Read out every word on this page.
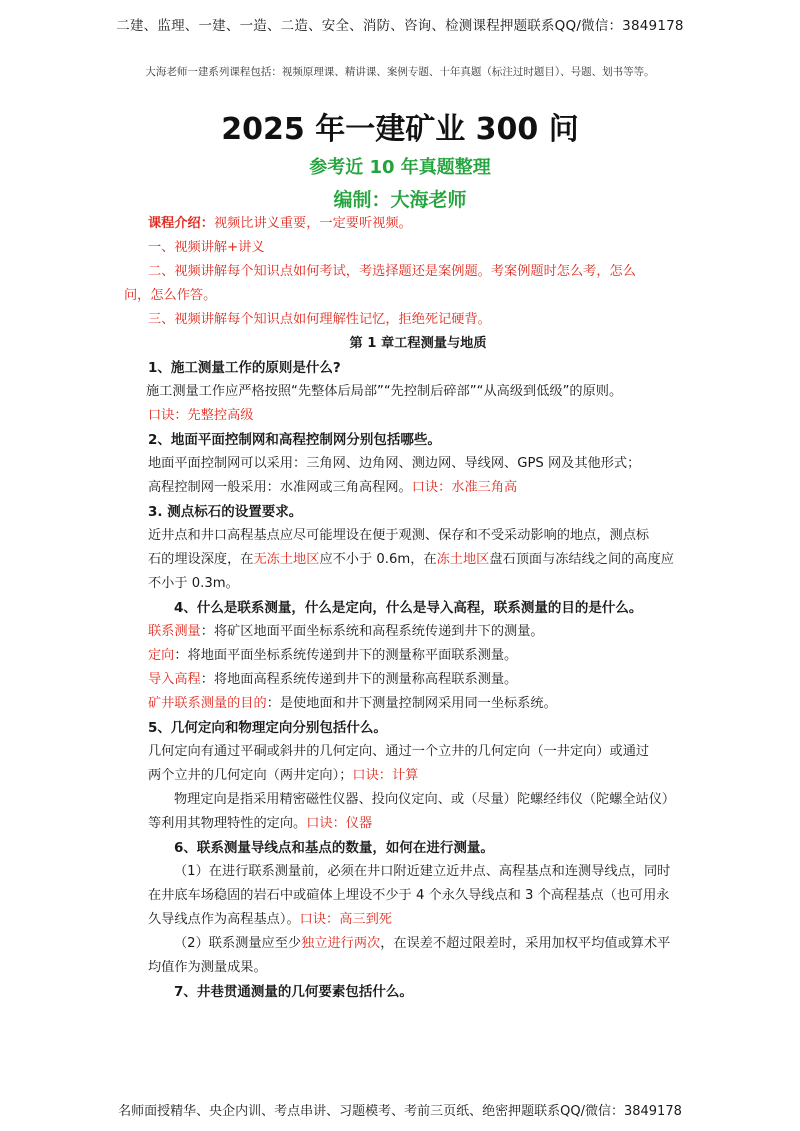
二建、监理、一建、一造、二造、安全、消防、咨询、检测课程押题联系QQ/微信：3849178
大海老师一建系列课程包括：视频原理课、精讲课、案例专题、十年真题（标注过时题目）、号题、划书等等。
2025 年一建矿业 300 问
参考近 10 年真题整理
编制：大海老师
课程介绍：视频比讲义重要，一定要听视频。
一、视频讲解+讲义
二、视频讲解每个知识点如何考试，考选择题还是案例题。考案例题时怎么考，怎么
问，怎么作答。
三、视频讲解每个知识点如何理解性记忆，拒绝死记硬背。
第 1 章工程测量与地质
1、施工测量工作的原则是什么?
施工测量工作应严格按照“先整体后局部”“先控制后碎部”“从高级到低级”的原则。
口诀：先整控高级
2、地面平面控制网和高程控制网分别包括哪些。
地面平面控制网可以采用：三角网、边角网、测边网、导线网、GPS 网及其他形式；
高程控制网一般采用：水准网或三角高程网。口诀：水准三角高
3. 测点标石的设置要求。
近井点和井口高程基点应尽可能埋设在便于观测、保存和不受采动影响的地点，测点标
石的埋设深度，在无冻土地区应不小于 0.6m，在冻土地区盘石顶面与冻结线之间的高度应
不小于 0.3m。
4、什么是联系测量，什么是定向，什么是导入高程，联系测量的目的是什么。
联系测量：将矿区地面平面坐标系统和高程系统传递到井下的测量。
定向：将地面平面坐标系统传递到井下的测量称平面联系测量。
导入高程：将地面高程系统传递到井下的测量称高程联系测量。
矿井联系测量的目的：是使地面和井下测量控制网采用同一坐标系统。
5、几何定向和物理定向分别包括什么。
几何定向有通过平硐或斜井的几何定向、通过一个立井的几何定向（一井定向）或通过
两个立井的几何定向（两井定向）；口诀：计算
物理定向是指采用精密磁性仪器、投向仪定向、或（尽量）陀螺经纬仪（陀螺全站仪）
等利用其物理特性的定向。口诀：仪器
6、联系测量导线点和基点的数量，如何在进行测量。
（1）在进行联系测量前，必须在井口附近建立近井点、高程基点和连测导线点，同时
在井底车场稳固的岩石中或碹体上埋设不少于 4 个永久导线点和 3 个高程基点（也可用永
久导线点作为高程基点）。口诀：高三到死
（2）联系测量应至少独立进行两次，在误差不超过限差时，采用加权平均值或算术平
均值作为测量成果。
7、井巷贯通测量的几何要素包括什么。
名师面授精华、央企内训、考点串讲、习题模考、考前三页纸、绝密押题联系QQ/微信：3849178
